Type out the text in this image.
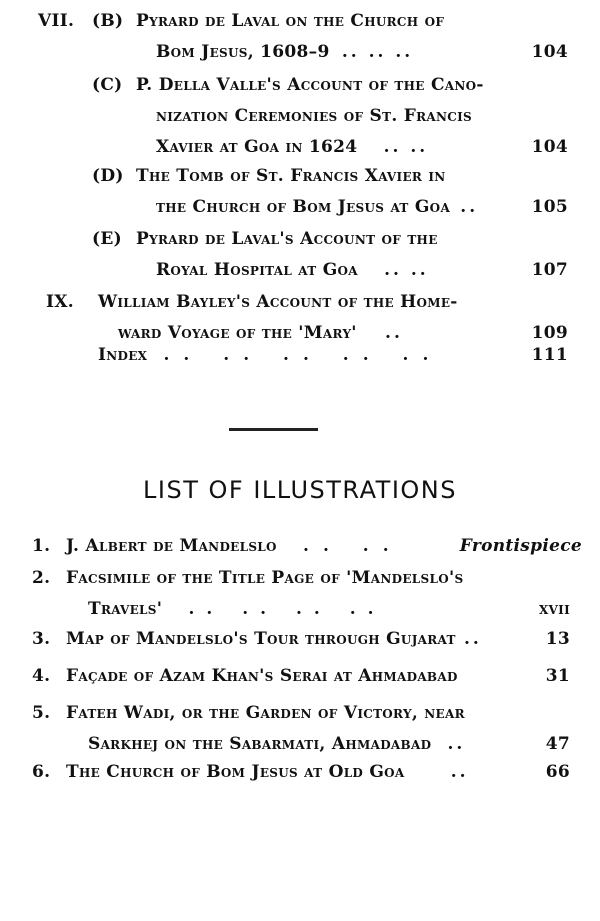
VII. (B) Pyrard de Laval on the Church of
Bom Jesus, 1608–9 .. .. ..	104
(C) P. Della Valle's Account of the Cano-
nization Ceremonies of St. Francis
Xavier at Goa in 1624 .. ..	104
(D) The Tomb of St. Francis Xavier in
the Church of Bom Jesus at Goa ..	105
(E) Pyrard de Laval's Account of the
Royal Hospital at Goa .. ..	107
IX. William Bayley's Account of the Home-
ward Voyage of the 'Mary' ..	109
Index .. .. .. .. ..	111
LIST OF ILLUSTRATIONS
1. J. Albert de Mandelslo .. ..	Frontispiece
2. Facsimile of the Title Page of 'Mandelslo's
Travels' .. .. .. ..	xvii
3. Map of Mandelslo's Tour through Gujarat ..	13
4. Façade of Azam Khan's Serai at Ahmadabad	31
5. Fateh Wadi, or the Garden of Victory, near
Sarkhej on the Sabarmati, Ahmadabad ..	47
6. The Church of Bom Jesus at Old Goa	..	66
